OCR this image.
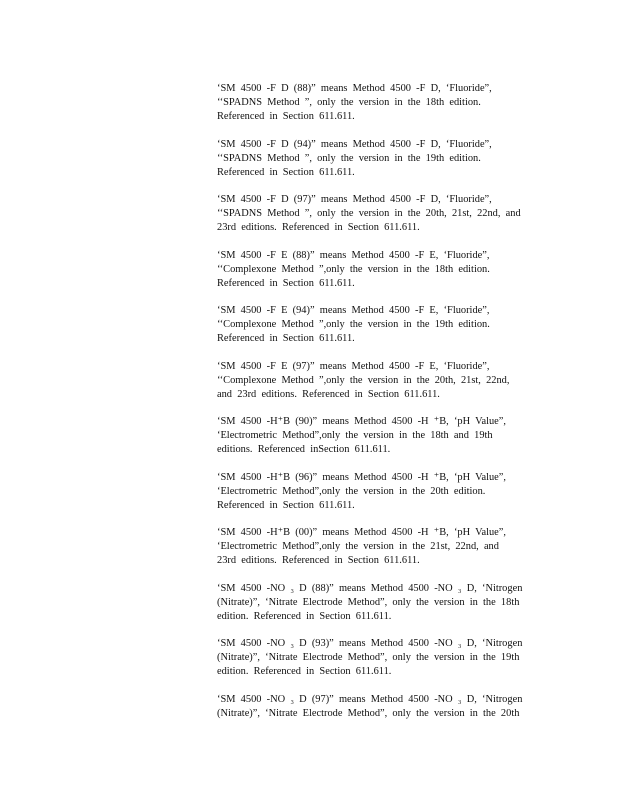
‘SM 4500 -F D (88)” means Method 4500 -F D, ‘Fluoride”,
‘‘SPADNS Method ”, only the version in the 18th edition.
Referenced in Section 611.611.
‘SM 4500 -F D (94)” means Method 4500 -F D, ‘Fluoride”,
‘‘SPADNS Method ”, only the version in the 19th edition.
Referenced in Section 611.611.
‘SM 4500 -F D (97)” means Method 4500 -F D, ‘Fluoride”,
‘‘SPADNS Method ”, only the version in the 20th, 21st, 22nd, and
23rd editions. Referenced in Section 611.611.
‘SM 4500 -F E (88)” means Method 4500 -F E, ‘Fluoride”,
‘‘Complexone Method ”,only the version in the 18th edition.
Referenced in Section 611.611.
‘SM 4500 -F E (94)” means Method 4500 -F E, ‘Fluoride”,
‘‘Complexone Method ”,only the version in the 19th edition.
Referenced in Section 611.611.
‘SM 4500 -F E (97)” means Method 4500 -F E, ‘Fluoride”,
‘‘Complexone Method ”,only the version in the 20th, 21st, 22nd,
and 23rd editions. Referenced in Section 611.611.
‘SM 4500 -H⁺B (90)” means Method 4500 -H ⁺B, ‘pH Value”,
‘Electrometric Method”,only the version in the 18th and 19th
editions. Referenced inSection 611.611.
‘SM 4500 -H⁺B (96)” means Method 4500 -H ⁺B, ‘pH Value”,
‘Electrometric Method”,only the version in the 20th edition.
Referenced in Section 611.611.
‘SM 4500 -H⁺B (00)” means Method 4500 -H ⁺B, ‘pH Value”,
‘Electrometric Method”,only the version in the 21st, 22nd, and
23rd editions. Referenced in Section 611.611.
‘SM 4500 -NO ₃ D (88)” means Method 4500 -NO ₃ D, ‘Nitrogen
(Nitrate)”, ‘Nitrate Electrode Method”, only the version in the 18th
edition. Referenced in Section 611.611.
‘SM 4500 -NO ₃ D (93)” means Method 4500 -NO ₃ D, ‘Nitrogen
(Nitrate)”, ‘Nitrate Electrode Method”, only the version in the 19th
edition. Referenced in Section 611.611.
‘SM 4500 -NO ₃ D (97)” means Method 4500 -NO ₃ D, ‘Nitrogen
(Nitrate)”, ‘Nitrate Electrode Method”, only the version in the 20th
